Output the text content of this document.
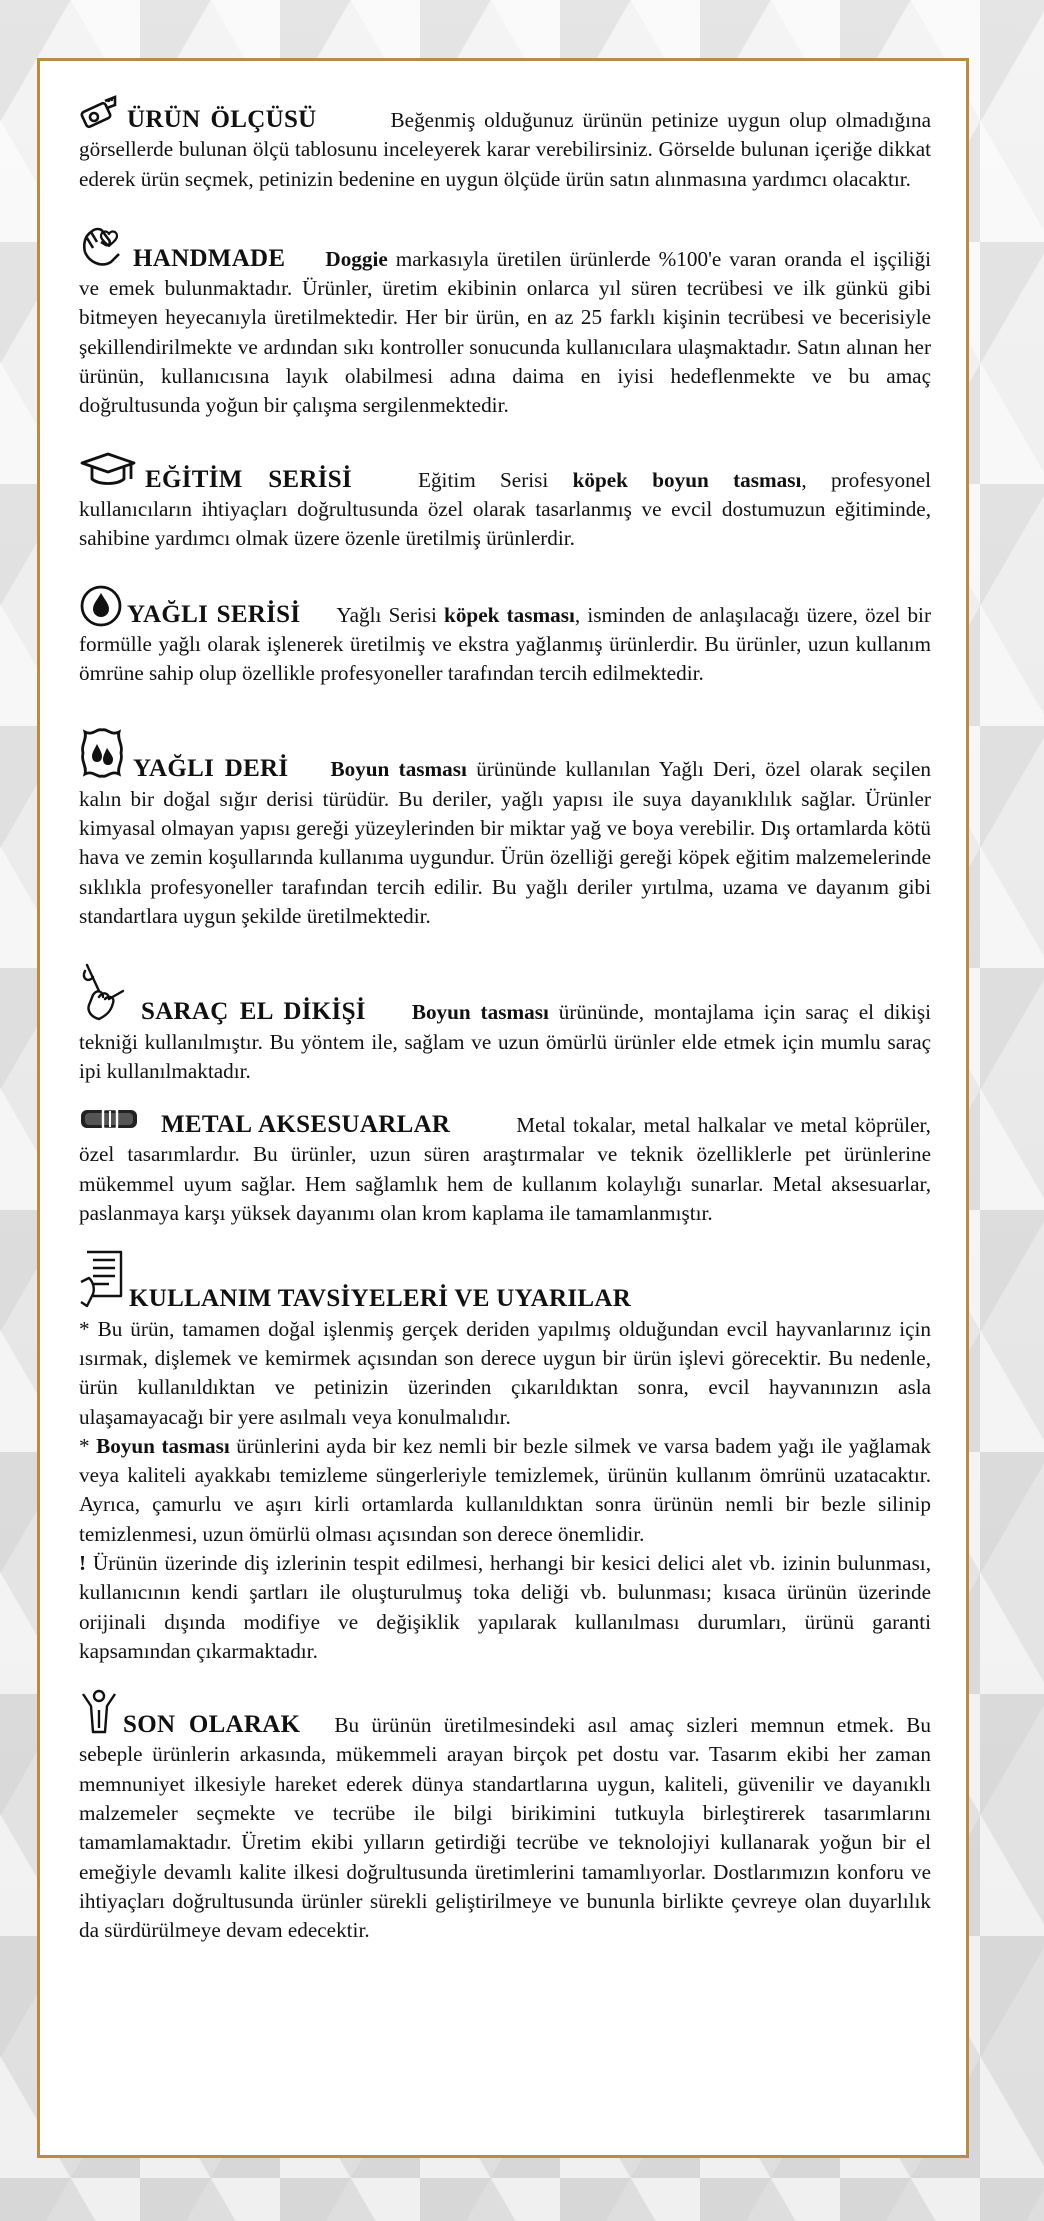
ÜRÜN ÖLÇÜSÜ	Beğenmiş olduğunuz ürünün petinize uygun olup olmadığına görsellerde bulunan ölçü tablosunu inceleyerek karar verebilirsiniz. Görselde bulunan içeriğe dikkat ederek ürün seçmek, petinizin bedenine en uygun ölçüde ürün satın alınmasına yardımcı olacaktır.

HANDMADE Doggie markasıyla üretilen ürünlerde %100'e varan oranda el işçiliği ve emek bulunmaktadır. Ürünler, üretim ekibinin onlarca yıl süren tecrübesi ve ilk günkü gibi bitmeyen heyecanıyla üretilmektedir. Her bir ürün, en az 25 farklı kişinin tecrübesi ve becerisiyle şekillendirilmekte ve ardından sıkı kontroller sonucunda kullanıcılara ulaşmaktadır. Satın alınan her ürünün, kullanıcısına layık olabilmesi adına daima en iyisi hedeflenmekte ve bu amaç doğrultusunda yoğun bir çalışma sergilenmektedir.

EĞİTİM SERİSİ	Eğitim Serisi köpek boyun tasması, profesyonel kullanıcıların ihtiyaçları doğrultusunda özel olarak tasarlanmış ve evcil dostumuzun eğitiminde, sahibine yardımcı olmak üzere özenle üretilmiş ürünlerdir.

YAĞLI SERİSİ Yağlı Serisi köpek tasması, isminden de anlaşılacağı üzere, özel bir formülle yağlı olarak işlenerek üretilmiş ve ekstra yağlanmış ürünlerdir. Bu ürünler, uzun kullanım ömrüne sahip olup özellikle profesyoneller tarafından tercih edilmektedir.

YAĞLI DERİ Boyun tasması ürününde kullanılan Yağlı Deri, özel olarak seçilen kalın bir doğal sığır derisi türüdür. Bu deriler, yağlı yapısı ile suya dayanıklılık sağlar. Ürünler kimyasal olmayan yapısı gereği yüzeylerinden bir miktar yağ ve boya verebilir. Dış ortamlarda kötü hava ve zemin koşullarında kullanıma uygundur. Ürün özelliği gereği köpek eğitim malzemelerinde sıklıkla profesyoneller tarafından tercih edilir. Bu yağlı deriler yırtılma, uzama ve dayanım gibi standartlara uygun şekilde üretilmektedir.

SARAÇ EL DİKİŞİ Boyun tasması ürününde, montajlama için saraç el dikişi tekniği kullanılmıştır. Bu yöntem ile, sağlam ve uzun ömürlü ürünler elde etmek için mumlu saraç ipi kullanılmaktadır.

METAL AKSESUARLAR	Metal tokalar, metal halkalar ve metal köprüler, özel tasarımlardır. Bu ürünler, uzun süren araştırmalar ve teknik özelliklerle pet ürünlerine mükemmel uyum sağlar. Hem sağlamlık hem de kullanım kolaylığı sunarlar. Metal aksesuarlar, paslanmaya karşı yüksek dayanımı olan krom kaplama ile tamamlanmıştır.

KULLANIM TAVSİYELERİ VE UYARILAR

* Bu ürün, tamamen doğal işlenmiş gerçek deriden yapılmış olduğundan evcil hayvanlarınız için ısırmak, dişlemek ve kemirmek açısından son derece uygun bir ürün işlevi görecektir. Bu nedenle, ürün kullanıldıktan ve petinizin üzerinden çıkarıldıktan sonra, evcil hayvanınızın asla ulaşamayacağı bir yere asılmalı veya konulmalıdır.

* Boyun tasması ürünlerini ayda bir kez nemli bir bezle silmek ve varsa badem yağı ile yağlamak veya kaliteli ayakkabı temizleme süngerleriyle temizlemek, ürünün kullanım ömrünü uzatacaktır. Ayrıca, çamurlu ve aşırı kirli ortamlarda kullanıldıktan sonra ürünün nemli bir bezle silinip temizlenmesi, uzun ömürlü olması açısından son derece önemlidir.

! Ürünün üzerinde diş izlerinin tespit edilmesi, herhangi bir kesici delici alet vb. izinin bulunması, kullanıcının kendi şartları ile oluşturulmuş toka deliği vb. bulunması; kısaca ürünün üzerinde orijinali dışında modifiye ve değişiklik yapılarak kullanılması durumları, ürünü garanti kapsamından çıkarmaktadır.

SON OLARAK Bu ürünün üretilmesindeki asıl amaç sizleri memnun etmek. Bu sebeple ürünlerin arkasında, mükemmeli arayan birçok pet dostu var. Tasarım ekibi her zaman memnuniyet ilkesiyle hareket ederek dünya standartlarına uygun, kaliteli, güvenilir ve dayanıklı malzemeler seçmekte ve tecrübe ile bilgi birikimini tutkuyla birleştirerek tasarımlarını tamamlamaktadır. Üretim ekibi yılların getirdiği tecrübe ve teknolojiyi kullanarak yoğun bir el emeğiyle devamlı kalite ilkesi doğrultusunda üretimlerini tamamlıyorlar. Dostlarımızın konforu ve ihtiyaçları doğrultusunda ürünler sürekli geliştirilmeye ve bununla birlikte çevreye olan duyarlılık da sürdürülmeye devam edecektir.
